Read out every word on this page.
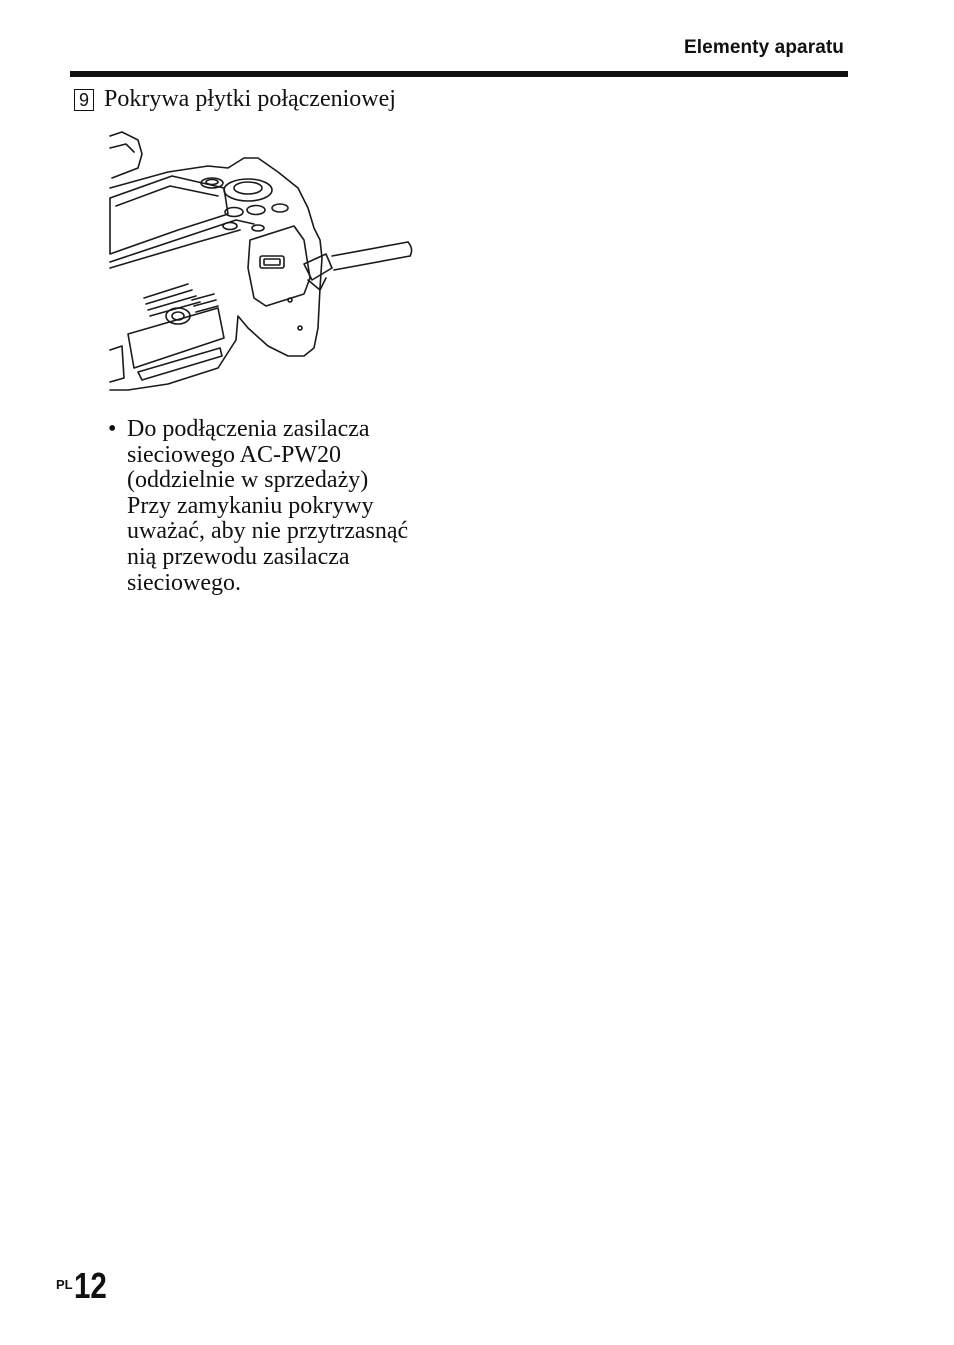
Elementy aparatu
9 Pokrywa płytki połączeniowej
• Do podłączenia zasilacza
sieciowego AC-PW20
(oddzielnie w sprzedaży)
Przy zamykaniu pokrywy
uważać, aby nie przytrzasnąć
nią przewodu zasilacza
sieciowego.
PL 12
